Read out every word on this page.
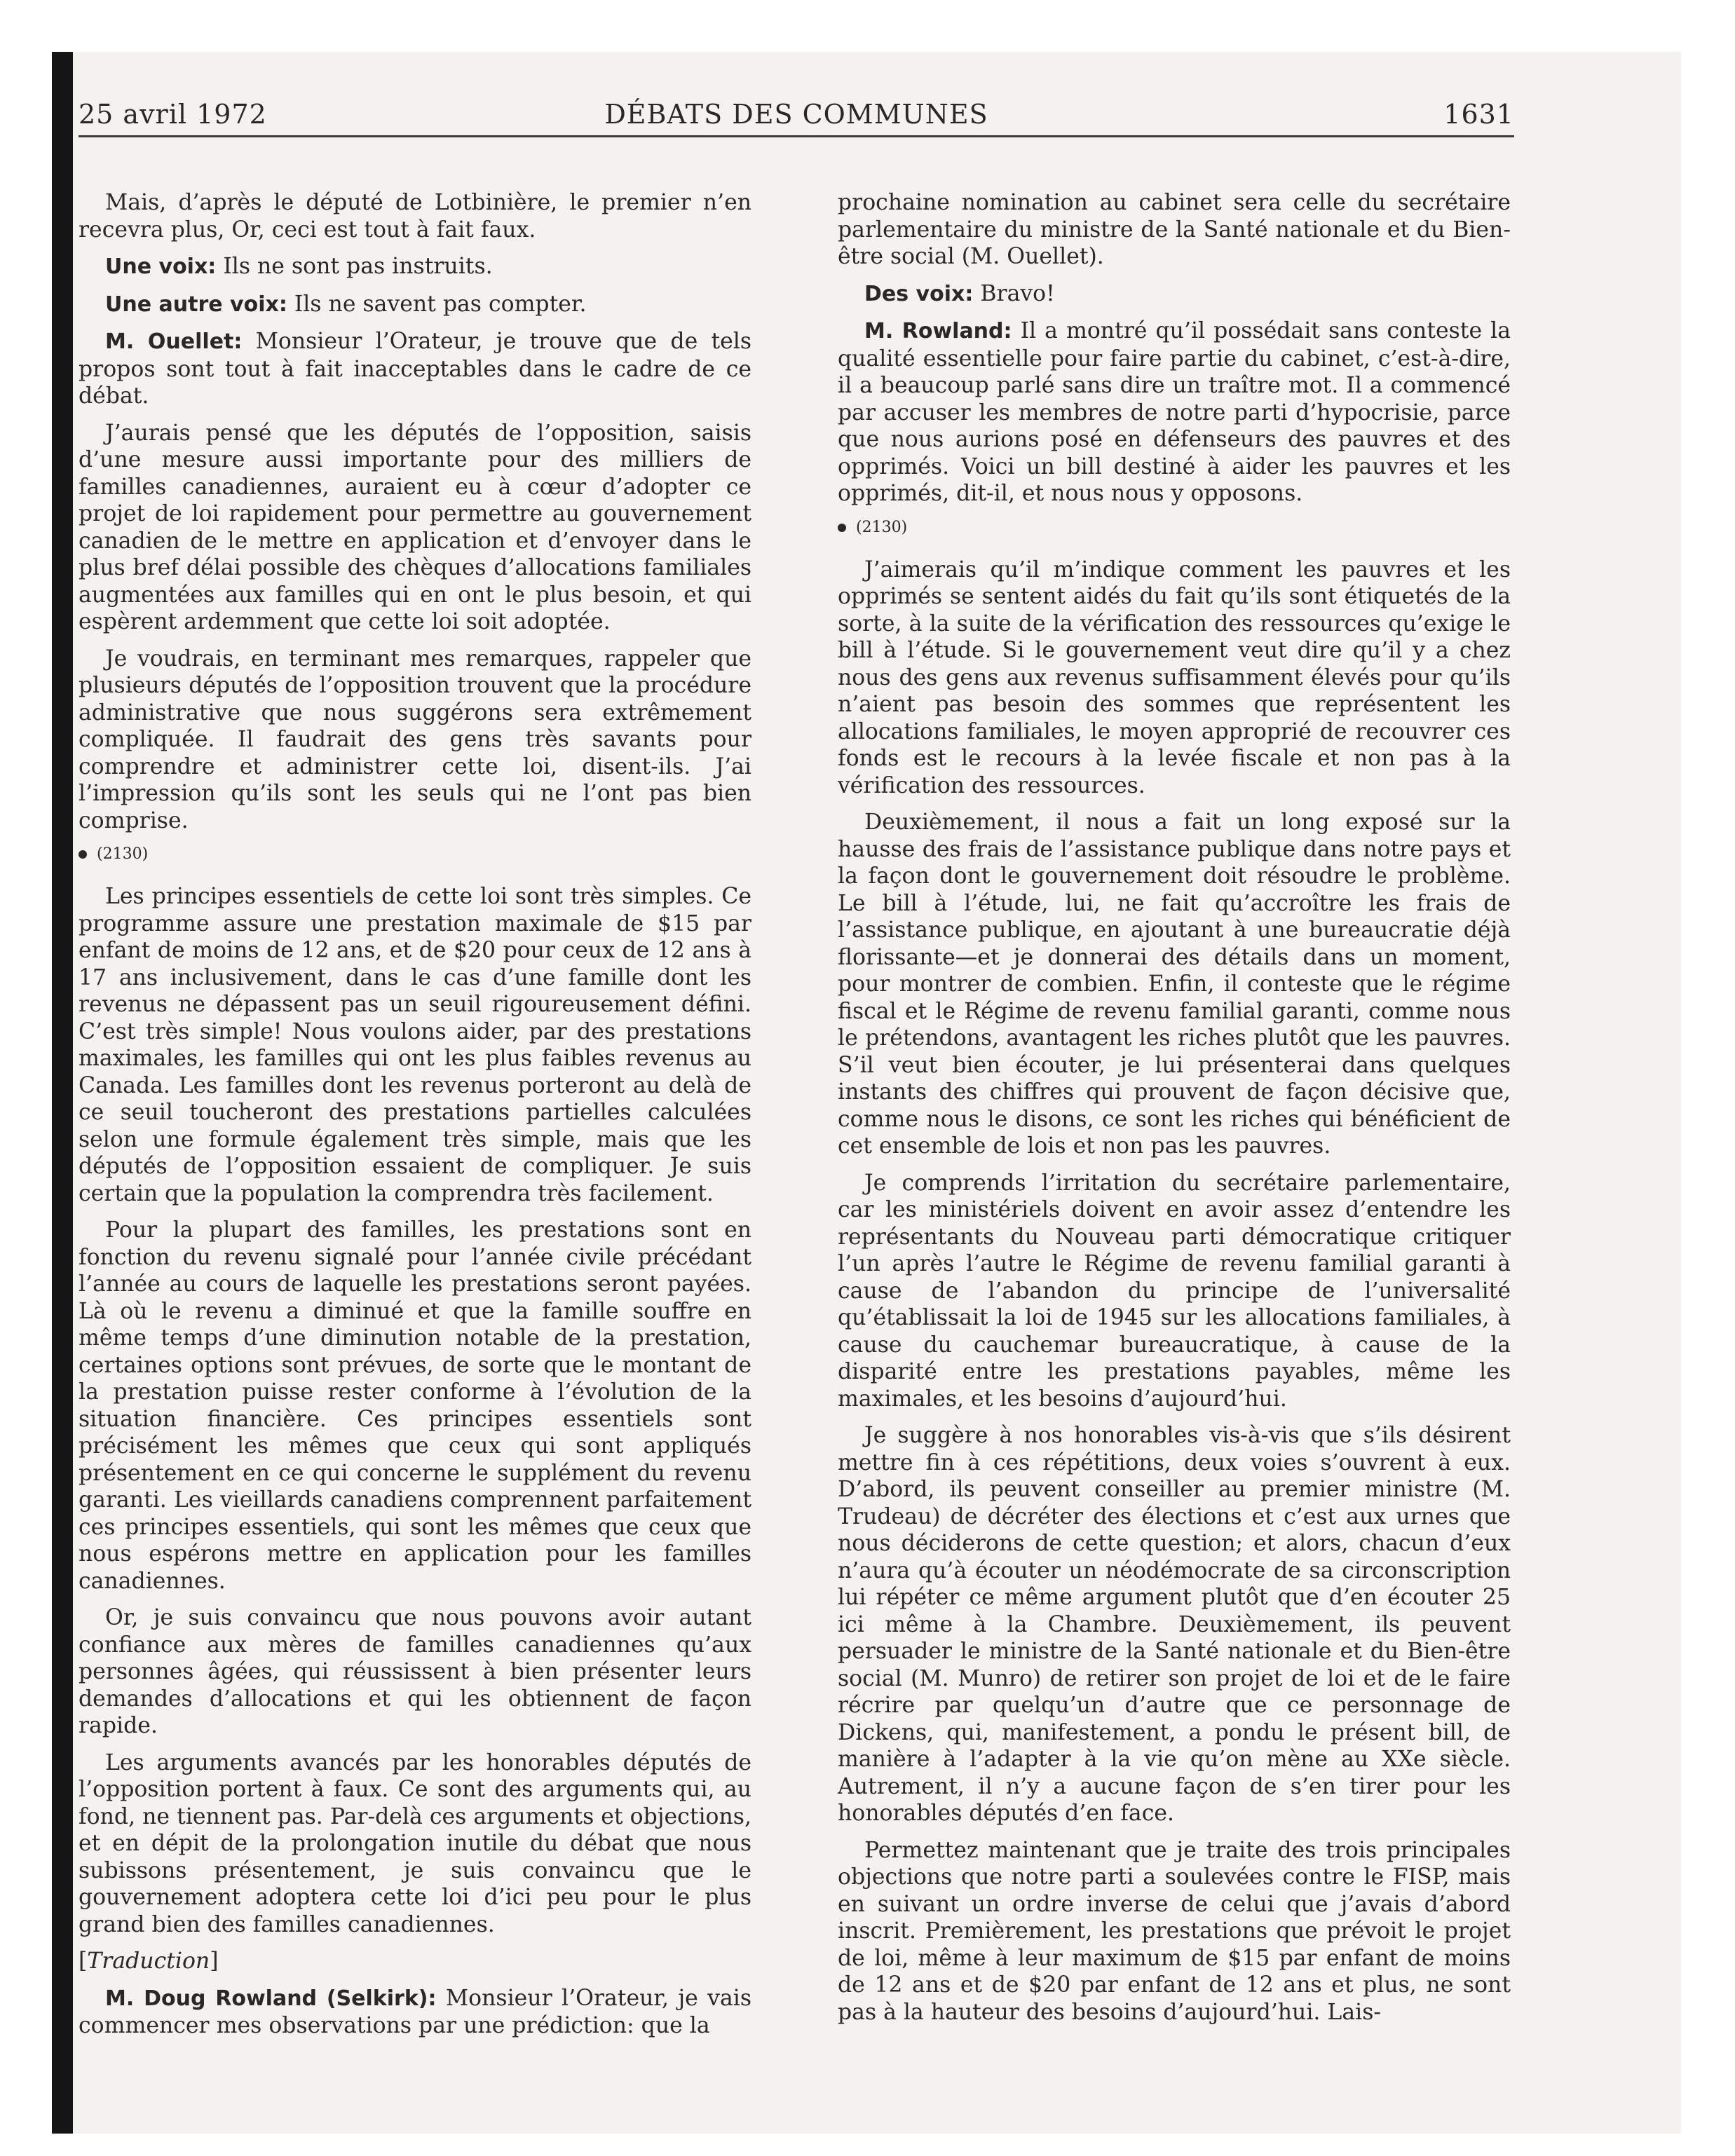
25 avril 1972	DÉBATS DES COMMUNES	1631

Mais, d’après le député de Lotbinière, le premier n’en recevra plus, Or, ceci est tout à fait faux.

Une voix: Ils ne sont pas instruits.

Une autre voix: Ils ne savent pas compter.

M. Ouellet: Monsieur l’Orateur, je trouve que de tels propos sont tout à fait inacceptables dans le cadre de ce débat.

J’aurais pensé que les députés de l’opposition, saisis d’une mesure aussi importante pour des milliers de familles canadiennes, auraient eu à cœur d’adopter ce projet de loi rapidement pour permettre au gouvernement canadien de le mettre en application et d’envoyer dans le plus bref délai possible des chèques d’allocations familiales augmentées aux familles qui en ont le plus besoin, et qui espèrent ardemment que cette loi soit adoptée.

Je voudrais, en terminant mes remarques, rappeler que plusieurs députés de l’opposition trouvent que la procédure administrative que nous suggérons sera extrêmement compliquée. Il faudrait des gens très savants pour comprendre et administrer cette loi, disent-ils. J’ai l’impression qu’ils sont les seuls qui ne l’ont pas bien comprise.

(2130)

Les principes essentiels de cette loi sont très simples. Ce programme assure une prestation maximale de $15 par enfant de moins de 12 ans, et de $20 pour ceux de 12 ans à 17 ans inclusivement, dans le cas d’une famille dont les revenus ne dépassent pas un seuil rigoureusement défini. C’est très simple! Nous voulons aider, par des prestations maximales, les familles qui ont les plus faibles revenus au Canada. Les familles dont les revenus porteront au delà de ce seuil toucheront des prestations partielles calculées selon une formule également très simple, mais que les députés de l’opposition essaient de compliquer. Je suis certain que la population la comprendra très facilement.

Pour la plupart des familles, les prestations sont en fonction du revenu signalé pour l’année civile précédant l’année au cours de laquelle les prestations seront payées. Là où le revenu a diminué et que la famille souffre en même temps d’une diminution notable de la prestation, certaines options sont prévues, de sorte que le montant de la prestation puisse rester conforme à l’évolution de la situation financière. Ces principes essentiels sont précisément les mêmes que ceux qui sont appliqués présentement en ce qui concerne le supplément du revenu garanti. Les vieillards canadiens comprennent parfaitement ces principes essentiels, qui sont les mêmes que ceux que nous espérons mettre en application pour les familles canadiennes.

Or, je suis convaincu que nous pouvons avoir autant confiance aux mères de familles canadiennes qu’aux personnes âgées, qui réussissent à bien présenter leurs demandes d’allocations et qui les obtiennent de façon rapide.

Les arguments avancés par les honorables députés de l’opposition portent à faux. Ce sont des arguments qui, au fond, ne tiennent pas. Par-delà ces arguments et objections, et en dépit de la prolongation inutile du débat que nous subissons présentement, je suis convaincu que le gouvernement adoptera cette loi d’ici peu pour le plus grand bien des familles canadiennes.

[Traduction]

M. Doug Rowland (Selkirk): Monsieur l’Orateur, je vais commencer mes observations par une prédiction: que la

prochaine nomination au cabinet sera celle du secrétaire parlementaire du ministre de la Santé nationale et du Bien-être social (M. Ouellet).

Des voix: Bravo!

M. Rowland: Il a montré qu’il possédait sans conteste la qualité essentielle pour faire partie du cabinet, c’est-à-dire, il a beaucoup parlé sans dire un traître mot. Il a commencé par accuser les membres de notre parti d’hypocrisie, parce que nous aurions posé en défenseurs des pauvres et des opprimés. Voici un bill destiné à aider les pauvres et les opprimés, dit-il, et nous nous y opposons.

(2130)

J’aimerais qu’il m’indique comment les pauvres et les opprimés se sentent aidés du fait qu’ils sont étiquetés de la sorte, à la suite de la vérification des ressources qu’exige le bill à l’étude. Si le gouvernement veut dire qu’il y a chez nous des gens aux revenus suffisamment élevés pour qu’ils n’aient pas besoin des sommes que représentent les allocations familiales, le moyen approprié de recouvrer ces fonds est le recours à la levée fiscale et non pas à la vérification des ressources.

Deuxièmement, il nous a fait un long exposé sur la hausse des frais de l’assistance publique dans notre pays et la façon dont le gouvernement doit résoudre le problème. Le bill à l’étude, lui, ne fait qu’accroître les frais de l’assistance publique, en ajoutant à une bureaucratie déjà florissante—et je donnerai des détails dans un moment, pour montrer de combien. Enfin, il conteste que le régime fiscal et le Régime de revenu familial garanti, comme nous le prétendons, avantagent les riches plutôt que les pauvres. S’il veut bien écouter, je lui présenterai dans quelques instants des chiffres qui prouvent de façon décisive que, comme nous le disons, ce sont les riches qui bénéficient de cet ensemble de lois et non pas les pauvres.

Je comprends l’irritation du secrétaire parlementaire, car les ministériels doivent en avoir assez d’entendre les représentants du Nouveau parti démocratique critiquer l’un après l’autre le Régime de revenu familial garanti à cause de l’abandon du principe de l’universalité qu’établissait la loi de 1945 sur les allocations familiales, à cause du cauchemar bureaucratique, à cause de la disparité entre les prestations payables, même les maximales, et les besoins d’aujourd’hui.

Je suggère à nos honorables vis-à-vis que s’ils désirent mettre fin à ces répétitions, deux voies s’ouvrent à eux. D’abord, ils peuvent conseiller au premier ministre (M. Trudeau) de décréter des élections et c’est aux urnes que nous déciderons de cette question; et alors, chacun d’eux n’aura qu’à écouter un néodémocrate de sa circonscription lui répéter ce même argument plutôt que d’en écouter 25 ici même à la Chambre. Deuxièmement, ils peuvent persuader le ministre de la Santé nationale et du Bien-être social (M. Munro) de retirer son projet de loi et de le faire récrire par quelqu’un d’autre que ce personnage de Dickens, qui, manifestement, a pondu le présent bill, de manière à l’adapter à la vie qu’on mène au XXe siècle. Autrement, il n’y a aucune façon de s’en tirer pour les honorables députés d’en face.

Permettez maintenant que je traite des trois principales objections que notre parti a soulevées contre le FISP, mais en suivant un ordre inverse de celui que j’avais d’abord inscrit. Premièrement, les prestations que prévoit le projet de loi, même à leur maximum de $15 par enfant de moins de 12 ans et de $20 par enfant de 12 ans et plus, ne sont pas à la hauteur des besoins d’aujourd’hui. Lais-
